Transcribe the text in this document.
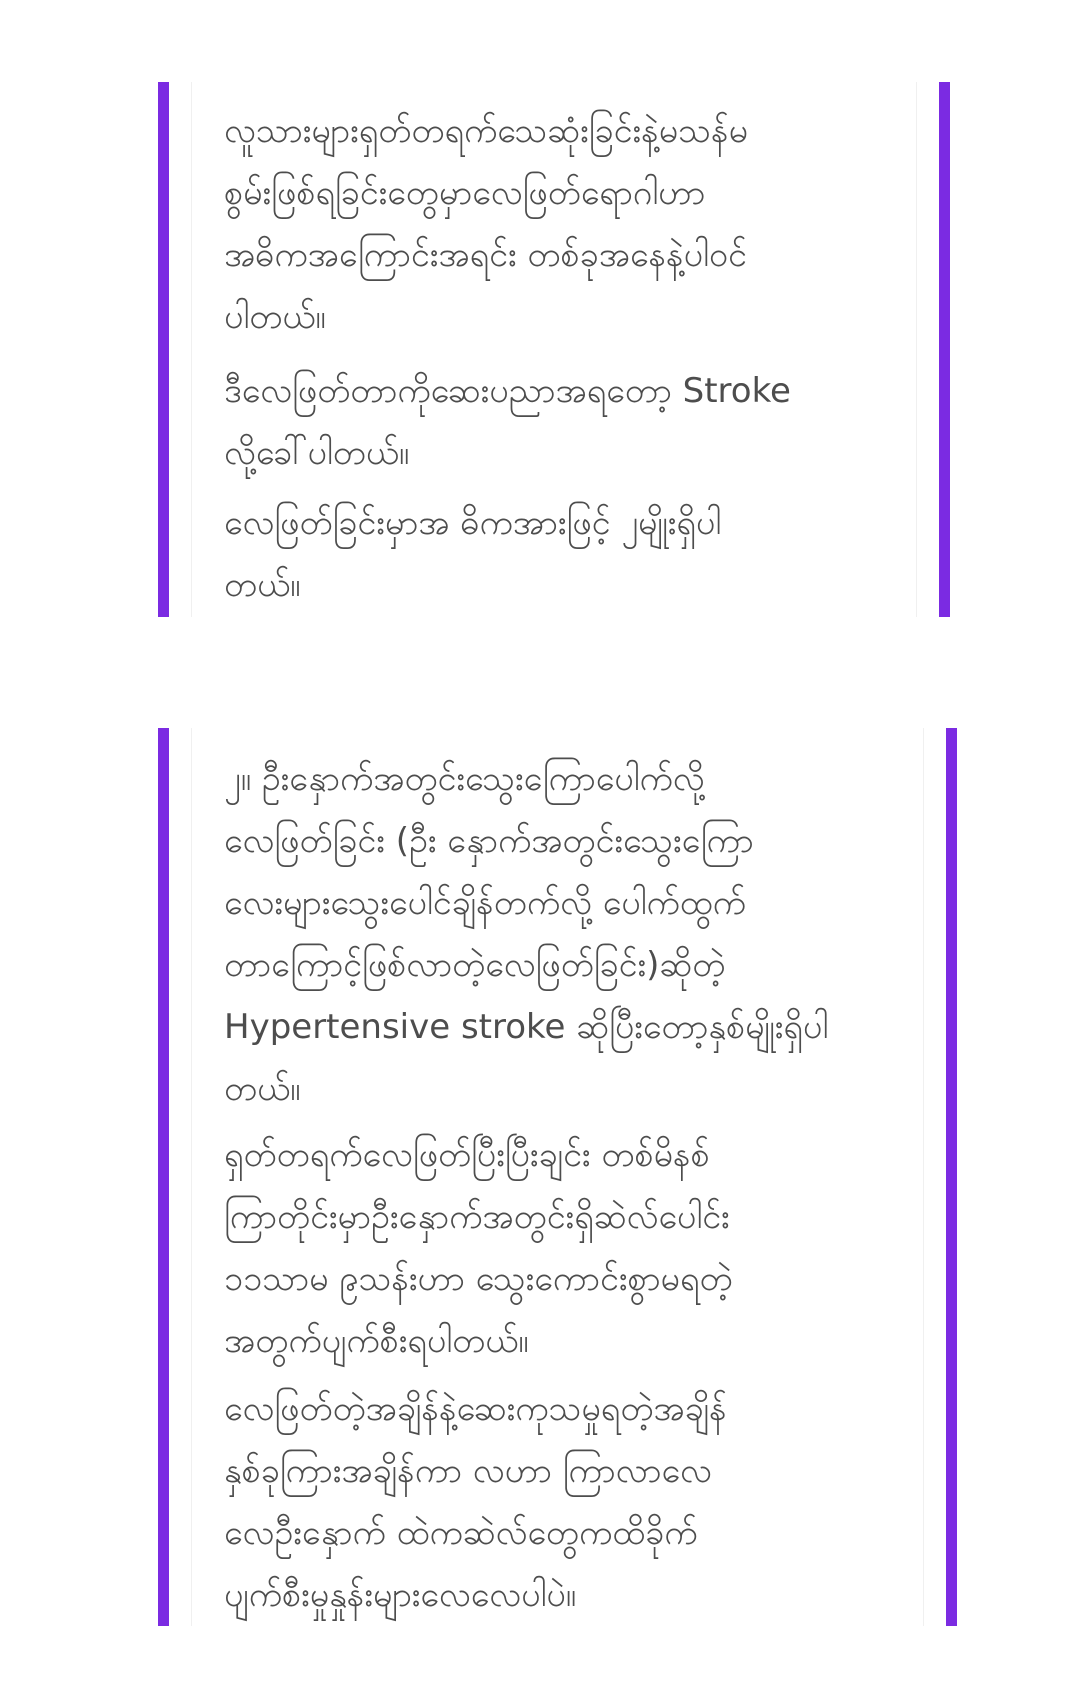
လူသားများရှတ်တရက်သေဆုံးခြင်းနဲ့မသန်မ
စွမ်းဖြစ်ရခြင်းတွေမှာလေဖြတ်ရောဂါဟာ
အဓိကအကြောင်းအရင်း တစ်ခုအနေနဲ့ပါဝင်
ပါတယ်။

ဒီလေဖြတ်တာကိုဆေးပညာအရတော့ Stroke
လို့ခေါ်ပါတယ်။

လေဖြတ်ခြင်းမှာအ ဓိကအားဖြင့် ၂မျိုးရှိပါ
တယ်။

၂။ ဦးနှောက်အတွင်းသွေးကြောပေါက်လို့
လေဖြတ်ခြင်း (ဦး နှောက်အတွင်းသွေးကြော
လေးများသွေးပေါင်ချိန်တက်လို့ ပေါက်ထွက်
တာကြောင့်ဖြစ်လာတဲ့လေဖြတ်ခြင်း)ဆိုတဲ့
Hypertensive stroke ဆိုပြီးတော့နှစ်မျိုးရှိပါ
တယ်။

ရှတ်တရက်လေဖြတ်ပြီးပြီးချင်း တစ်မိနစ်
ကြာတိုင်းမှာဦးနှောက်အတွင်းရှိဆဲလ်ပေါင်း
၁၁သာမ ၉သန်းဟာ သွေးကောင်းစွာမရတဲ့
အတွက်ပျက်စီးရပါတယ်။

လေဖြတ်တဲ့အချိန်နဲ့ဆေးကုသမှုရတဲ့အချိန်
နှစ်ခုကြားအချိန်ကာ လဟာ ကြာလာလေ
လေဦးနှောက် ထဲကဆဲလ်တွေကထိခိုက်
ပျက်စီးမှုနှုန်းများလေလေပါပဲ။
